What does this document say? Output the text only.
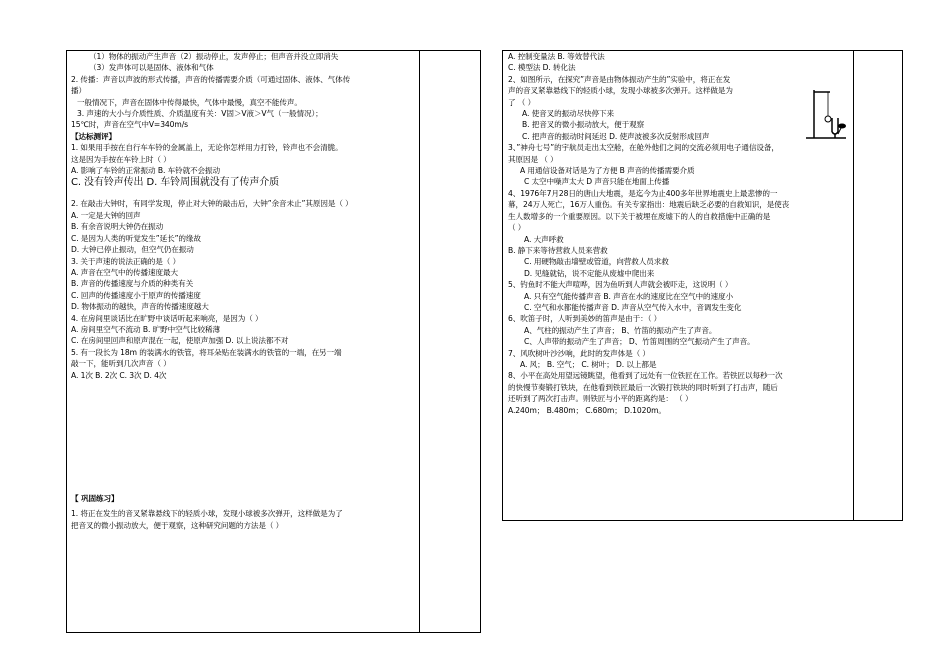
（1）物体的振动产生声音（2）振动停止，发声停止；但声音并没立即消失
（3）发声体可以是固体、液体和气体
2. 传播：声音以声波的形式传播，声音的传播需要介质（可通过固体、液体、气体传
播）
一般情况下，声音在固体中传得最快，气体中最慢，真空不能传声。
3. 声速的大小与介质性质、介质温度有关：V固＞V液＞V气（一般情况）；
15℃时，声音在空气中V=340m/s
【达标测评】
1. 如果用手按在自行车车铃的金属盖上，无论你怎样用力打铃，铃声也不会清脆。
这是因为手按在车铃上时（ ）
A. 影响了车铃的正常振动 B. 车铃就不会振动
C. 没有铃声传出 D. 车铃周围就没有了传声介质
2. 在敲击大钟时，有同学发现，停止对大钟的敲击后，大钟”余音未止”其原因是（ ）
A. 一定是大钟的回声
B. 有余音说明大钟仍在振动
C. 是因为人类的听觉发生”延长”的缘故
D. 大钟已停止振动，但空气仍在振动
3. 关于声速的说法正确的是（ ）
A. 声音在空气中的传播速度最大
B. 声音的传播速度与介质的种类有关
C. 回声的传播速度小于原声的传播速度
D. 物体振动的越快，声音的传播速度越大
4. 在房间里谈话比在旷野中谈话听起来响亮，是因为（ ）
A. 房间里空气不流动 B. 旷野中空气比较稀薄
C. 在房间里回声和原声混在一起，使原声加强 D. 以上说法都不对
5. 有一段长为 18m 的装满水的铁管，将耳朵贴在装满水的铁管的一端，在另一端
敲一下，能听到几次声音（ ）
A. 1次 B. 2次 C. 3次 D. 4次
【 巩固练习】
1. 将正在发生的音叉紧靠悬线下的轻质小球，发现小球被多次弹开，这样做是为了
把音叉的微小振动放大，便于观察，这种研究问题的方法是（ ）
A. 控制变量法 B. 等效替代法
C. 模型法 D. 转化法
2、如图所示，在探究”声音是由物体振动产生的”实验中，将正在发
声的音叉紧靠悬线下的轻质小球，发现小球被多次弹开。这样做是为
了 （ ）
A. 使音叉的振动尽快停下来
B. 把音叉的微小振动放大，便于观察
C. 把声音的振动时间延迟 D. 使声波被多次反射形成回声
3、”神舟七号”的宇航员走出太空舱，在舱外他们之间的交流必须用电子通信设备，
其原因是 （ ）
A 用通信设备对话是为了方便 B 声音的传播需要介质
C 太空中噪声太大 D 声音只能在地面上传播
4、1976年7月28日的唐山大地震，是迄今为止400多年世界地震史上最悲惨的一
幕，24万人死亡，16万人重伤。有关专家指出：地震后缺乏必要的自救知识，是使丧
生人数增多的一个重要原因。以下关于被埋在废墟下的人的自救措施中正确的是
（ ）
A. 大声呼救
B. 静下来等待营救人员来营救
C. 用硬物敲击墙壁或管道，向营救人员求救
D. 见缝就钻，说不定能从废墟中爬出来
5、钓鱼时不能大声喧哗，因为鱼听到人声就会被吓走，这说明（ ）
A. 只有空气能传播声音 B. 声音在水的速度比在空气中的速度小
C. 空气和水都能传播声音 D. 声音从空气传入水中，音调发生变化
6、吹笛子时，人听到美妙的笛声是由于：（ ）
A、气柱的振动产生了声音； B、竹笛的振动产生了声音。
C、人声带的振动产生了声音； D、竹笛周围的空气振动产生了声音。
7、风吹树叶沙沙响，此时的发声体是（ ）
A. 风； B. 空气； C. 树叶； D. 以上都是
8、小平在高处用望远镜眺望，他看到了远处有一位铁匠在工作。若铁匠以每秒一次
的快慢节奏锻打铁块，在他看到铁匠最后一次锻打铁块的同时听到了打击声，随后
还听到了两次打击声。则铁匠与小平的距离约是： （ ）
A.240m； B.480m； C.680m； D.1020m。
